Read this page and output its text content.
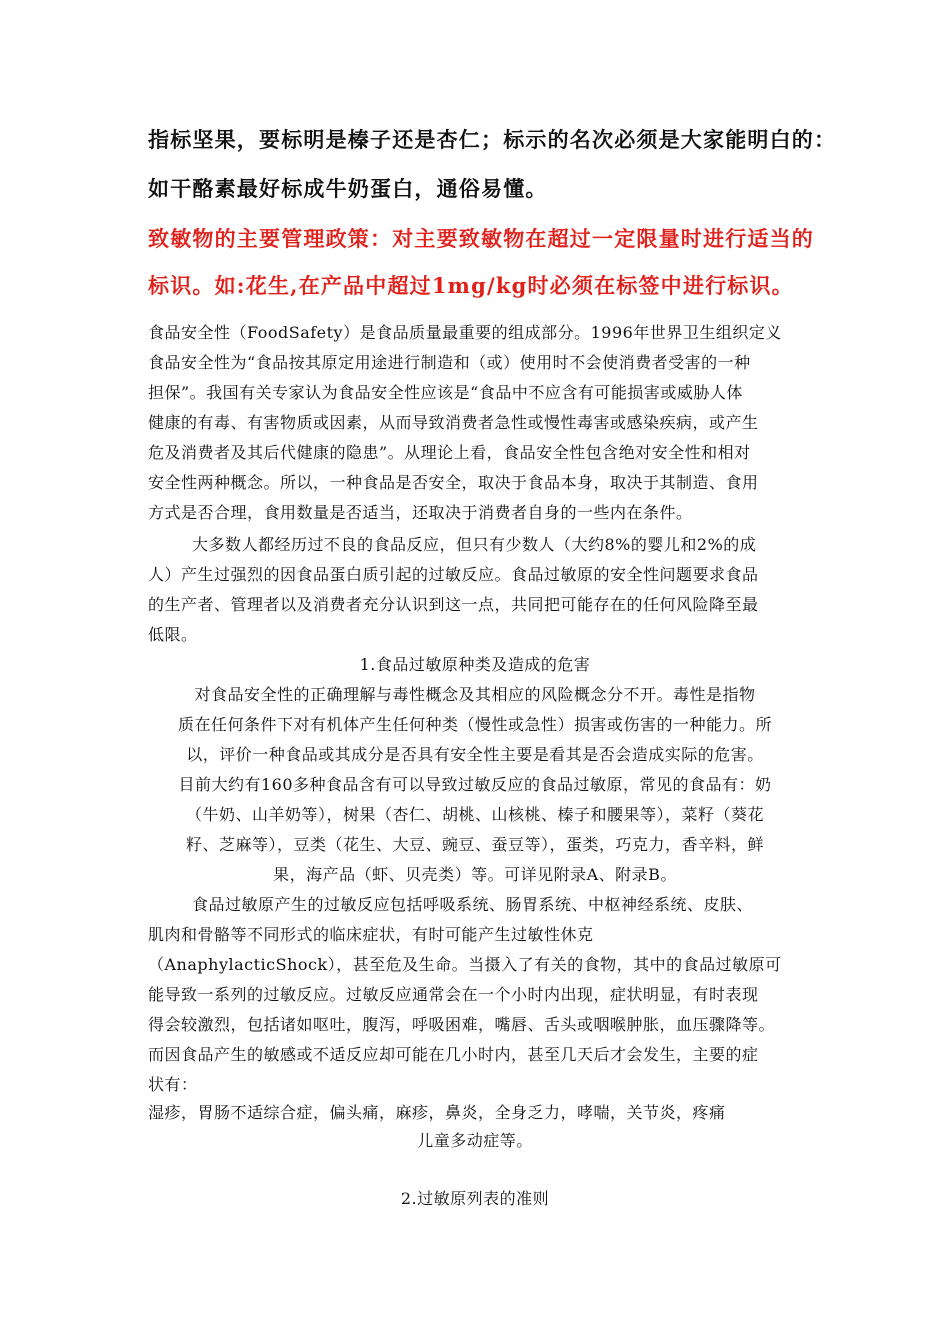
指标坚果，要标明是榛子还是杏仁；标示的名次必须是大家能明白的：
如干酪素最好标成牛奶蛋白，通俗易懂。
致敏物的主要管理政策：对主要致敏物在超过一定限量时进行适当的
标识。如:花生,在产品中超过1mg/kg时必须在标签中进行标识。
食品安全性（FoodSafety）是食品质量最重要的组成部分。1996年世界卫生组织定义
食品安全性为“食品按其原定用途进行制造和（或）使用时不会使消费者受害的一种
担保”。我国有关专家认为食品安全性应该是“食品中不应含有可能损害或威胁人体
健康的有毒、有害物质或因素，从而导致消费者急性或慢性毒害或感染疾病，或产生
危及消费者及其后代健康的隐患”。从理论上看，食品安全性包含绝对安全性和相对
安全性两种概念。所以，一种食品是否安全，取决于食品本身，取决于其制造、食用
方式是否合理，食用数量是否适当，还取决于消费者自身的一些内在条件。
大多数人都经历过不良的食品反应，但只有少数人（大约8%的婴儿和2%的成
人）产生过强烈的因食品蛋白质引起的过敏反应。食品过敏原的安全性问题要求食品
的生产者、管理者以及消费者充分认识到这一点，共同把可能存在的任何风险降至最
低限。
1.食品过敏原种类及造成的危害
对食品安全性的正确理解与毒性概念及其相应的风险概念分不开。毒性是指物
质在任何条件下对有机体产生任何种类（慢性或急性）损害或伤害的一种能力。所
以，评价一种食品或其成分是否具有安全性主要是看其是否会造成实际的危害。
目前大约有160多种食品含有可以导致过敏反应的食品过敏原，常见的食品有：奶
（牛奶、山羊奶等），树果（杏仁、胡桃、山核桃、榛子和腰果等），菜籽（葵花
籽、芝麻等），豆类（花生、大豆、豌豆、蚕豆等），蛋类，巧克力，香辛料，鲜
果，海产品（虾、贝壳类）等。可详见附录A、附录B。
食品过敏原产生的过敏反应包括呼吸系统、肠胃系统、中枢神经系统、皮肤、
肌肉和骨骼等不同形式的临床症状，有时可能产生过敏性休克
（AnaphylacticShock），甚至危及生命。当摄入了有关的食物，其中的食品过敏原可
能导致一系列的过敏反应。过敏反应通常会在一个小时内出现，症状明显，有时表现
得会较激烈，包括诸如呕吐，腹泻，呼吸困难，嘴唇、舌头或咽喉肿胀，血压骤降等。
而因食品产生的敏感或不适反应却可能在几小时内，甚至几天后才会发生，主要的症
状有：
湿疹，胃肠不适综合症，偏头痛，麻疹，鼻炎，全身乏力，哮喘，关节炎，疼痛
儿童多动症等。
2.过敏原列表的准则
